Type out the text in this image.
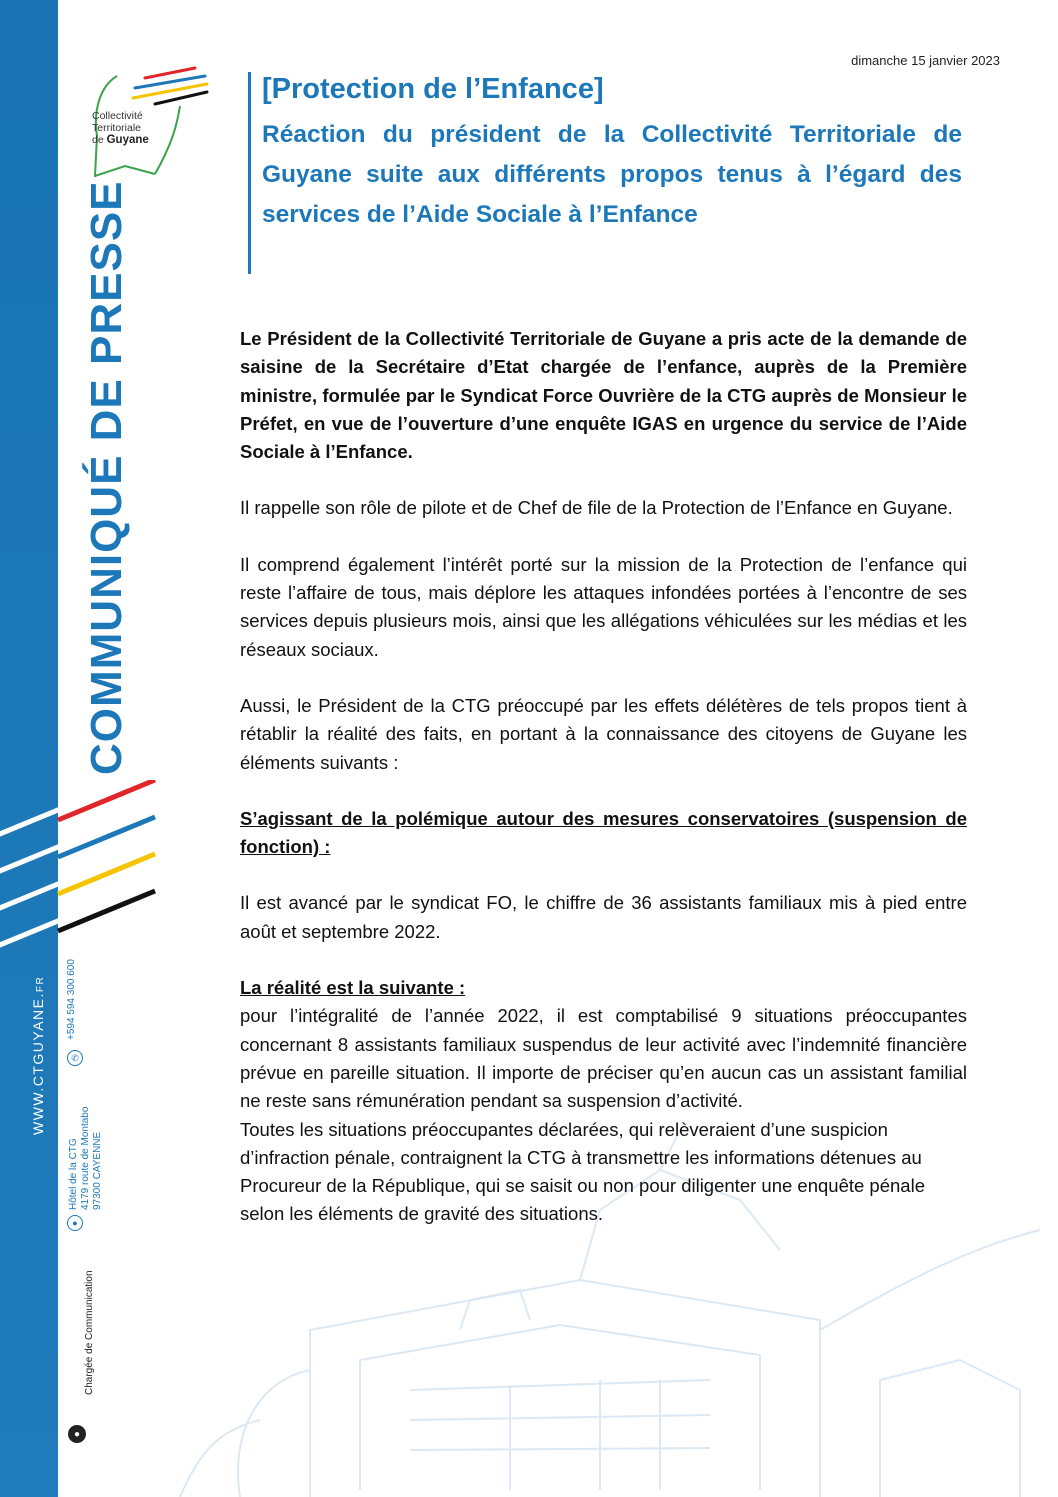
COMMUNIQUÉ DE PRESSE
WWW.CTGUYANE.FR
✆
+594 594 300 600
●
Hôtel de la CTG
4179 route de Montabo
97300 CAYENNE
●
Chargée de Communication
Collectivité
Territoriale
de Guyane
dimanche 15 janvier 2023
[Protection de l’Enfance]
Réaction du président de la Collectivité Territoriale de Guyane suite aux différents propos tenus à l’égard des services de l’Aide Sociale à l’Enfance

Le Président de la Collectivité Territoriale de Guyane a pris acte de la demande de saisine de la Secrétaire d’Etat chargée de l’enfance, auprès de la Première ministre, formulée par le Syndicat Force Ouvrière de la CTG auprès de Monsieur le Préfet, en vue de l’ouverture d’une enquête IGAS en urgence du service de l’Aide Sociale à l’Enfance.

Il rappelle son rôle de pilote et de Chef de file de la Protection de l’Enfance en Guyane.

Il comprend également l’intérêt porté sur la mission de la Protection de l’enfance qui reste l’affaire de tous, mais déplore les attaques infondées portées à l’encontre de ses services depuis plusieurs mois, ainsi que les allégations véhiculées sur les médias et les réseaux sociaux.

Aussi, le Président de la CTG préoccupé par les effets délétères de tels propos tient à rétablir la réalité des faits, en portant à la connaissance des citoyens de Guyane les éléments suivants :

S’agissant de la polémique autour des mesures conservatoires (suspension de fonction) :

Il est avancé par le syndicat FO, le chiffre de 36 assistants familiaux mis à pied entre août et septembre 2022.

La réalité est la suivante :

pour l’intégralité de l’année 2022, il est comptabilisé 9 situations préoccupantes concernant 8 assistants familiaux suspendus de leur activité avec l’indemnité financière prévue en pareille situation. Il importe de préciser qu’en aucun cas un assistant familial ne reste sans rémunération pendant sa suspension d’activité.

Toutes les situations préoccupantes déclarées, qui relèveraient d’une suspicion d’infraction pénale, contraignent la CTG à transmettre les informations détenues au Procureur de la République, qui se saisit ou non pour diligenter une enquête pénale selon les éléments de gravité des situations.
